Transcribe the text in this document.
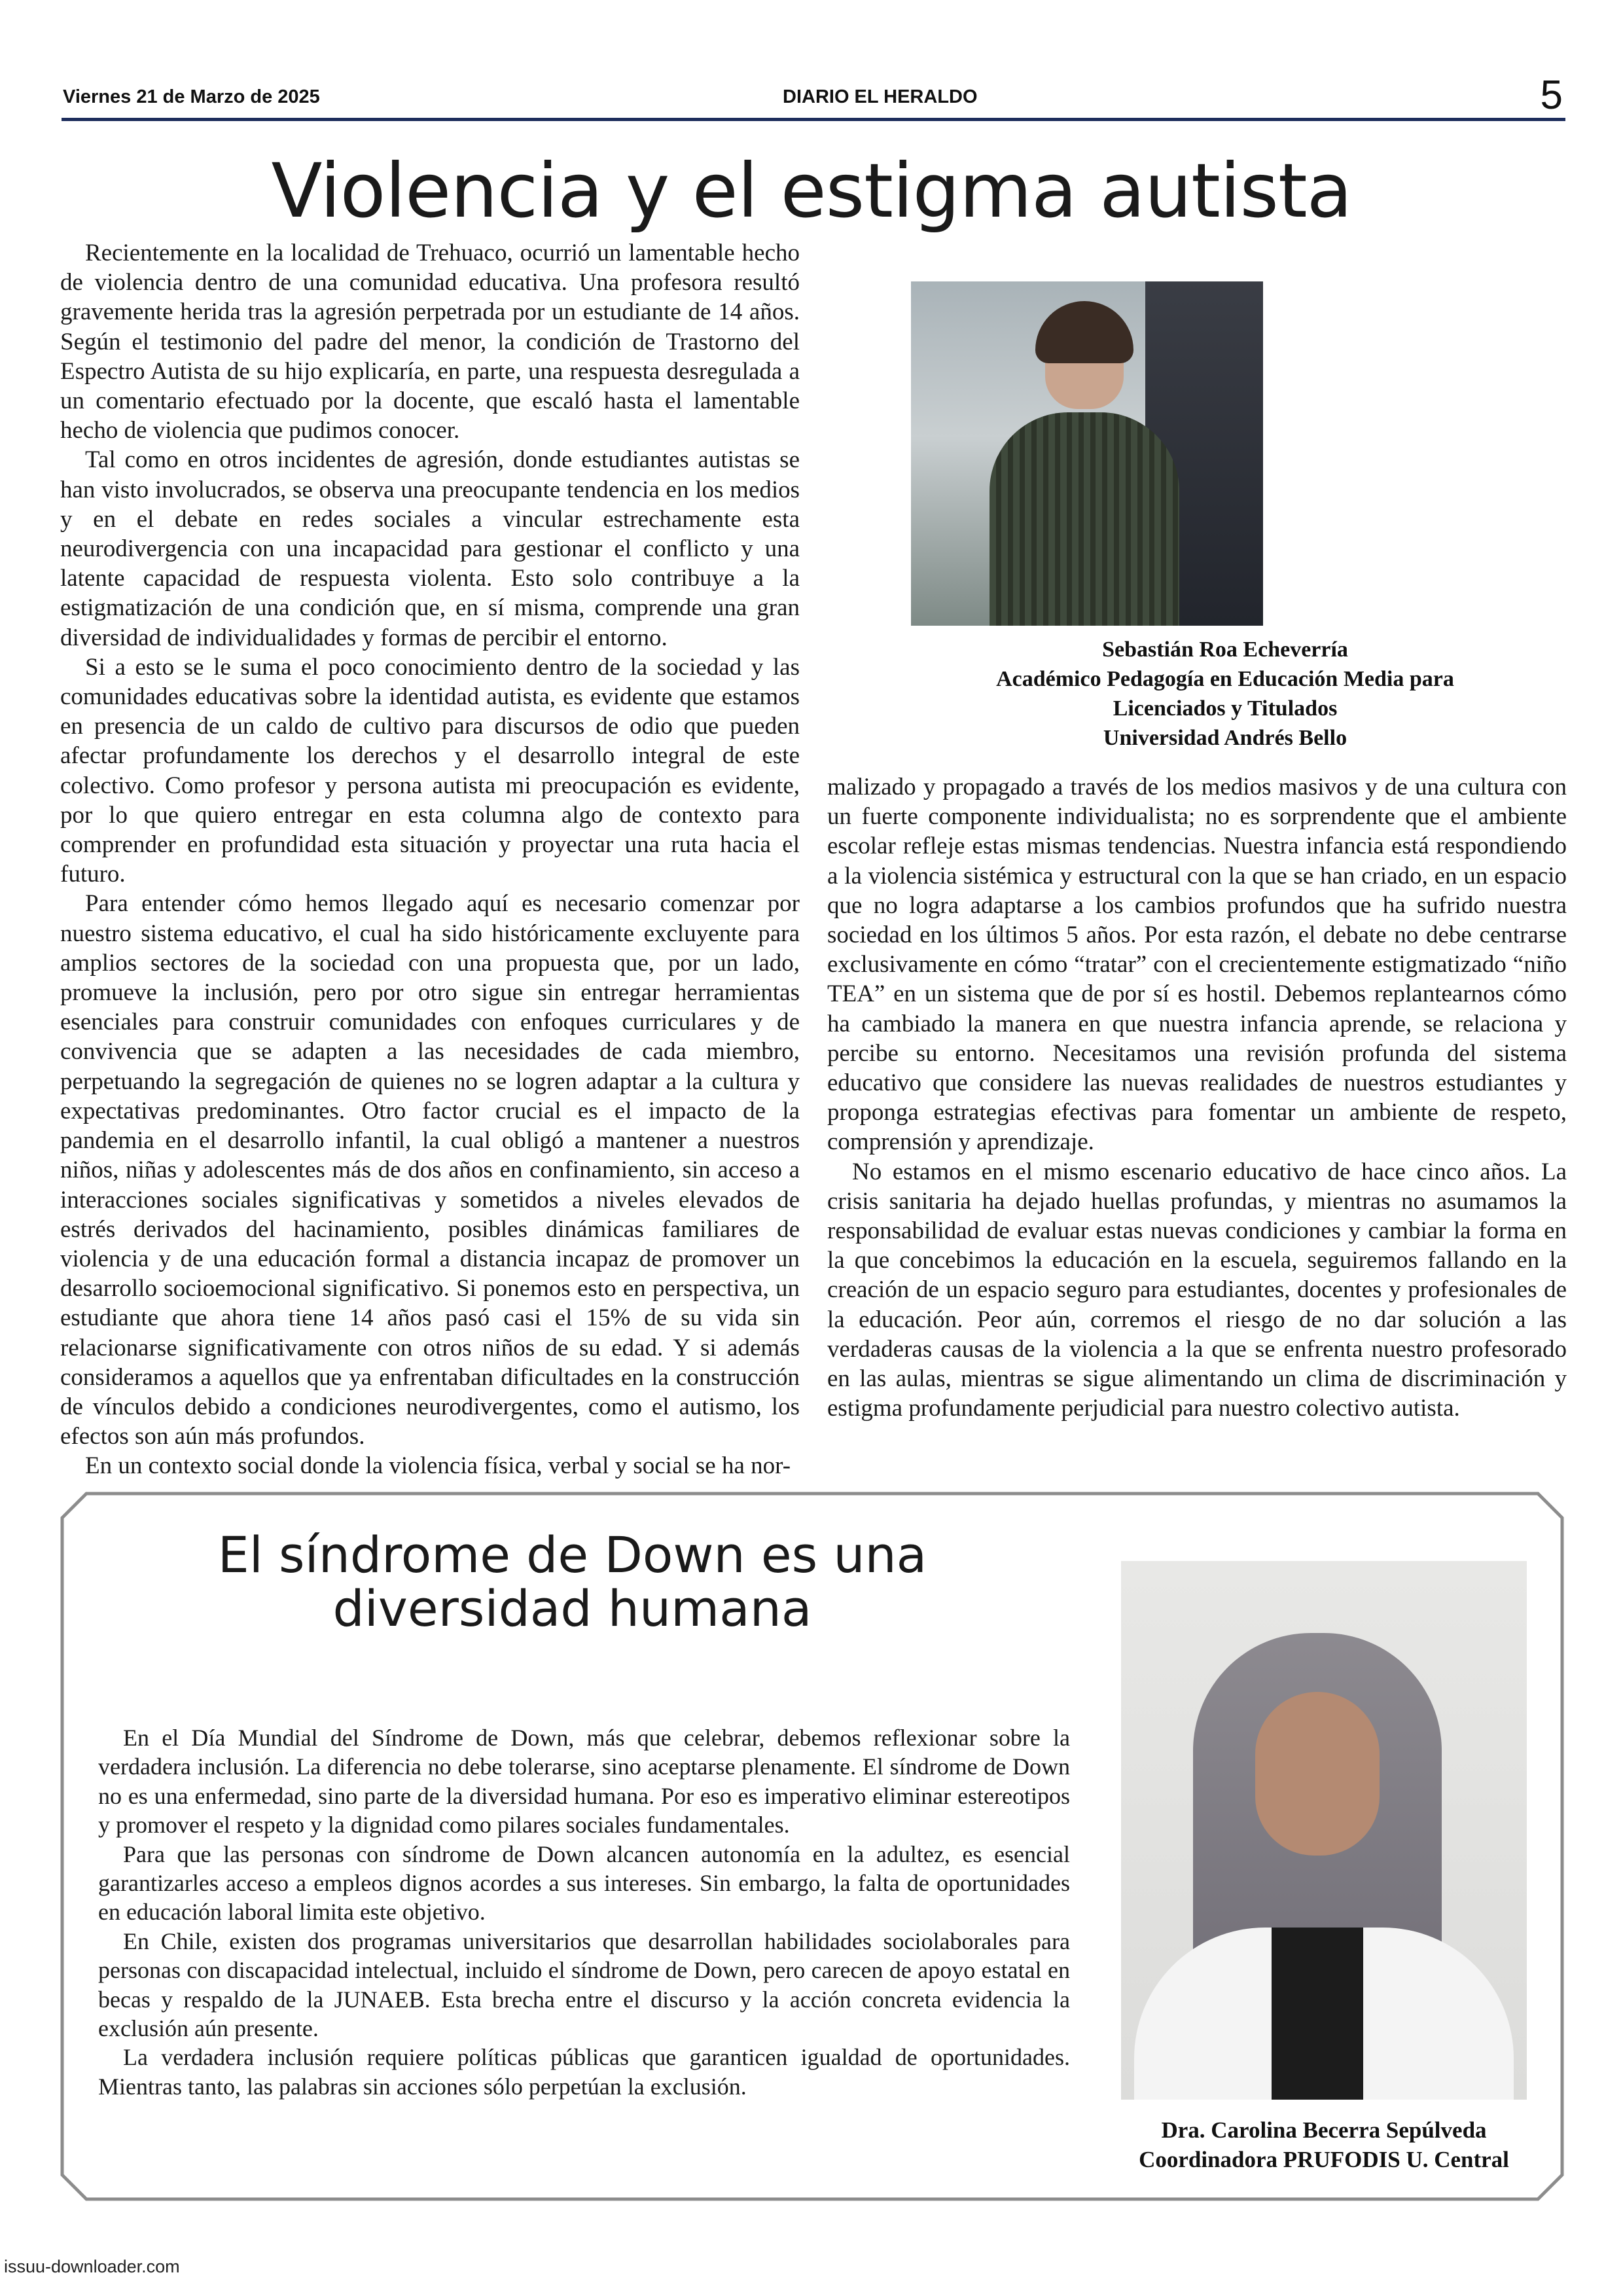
Viernes 21 de Marzo de 2025	DIARIO EL HERALDO	5
Violencia y el estigma autista

Recientemente en la localidad de Trehuaco, ocurrió un lamentable hecho de violencia dentro de una comunidad educativa. Una profesora resultó gravemente herida tras la agresión perpetrada por un estudiante de 14 años. Según el testimonio del padre del menor, la condición de Trastorno del Espectro Autista de su hijo explicaría, en parte, una respuesta desregulada a un comentario efectuado por la docente, que escaló hasta el lamentable hecho de violencia que pudimos conocer.

Tal como en otros incidentes de agresión, donde estudiantes autistas se han visto involucrados, se observa una preocupante tendencia en los medios y en el debate en redes sociales a vincular estrechamente esta neurodivergencia con una incapacidad para gestionar el conflicto y una latente capacidad de respuesta violenta. Esto solo contribuye a la estigmatización de una condición que, en sí misma, comprende una gran diversidad de individualidades y formas de percibir el entorno.

Si a esto se le suma el poco conocimiento dentro de la sociedad y las comunidades educativas sobre la identidad autista, es evidente que estamos en presencia de un caldo de cultivo para discursos de odio que pueden afectar profundamente los derechos y el desarrollo integral de este colectivo. Como profesor y persona autista mi preocupación es evidente, por lo que quiero entregar en esta columna algo de contexto para comprender en profundidad esta situación y proyectar una ruta hacia el futuro.

Para entender cómo hemos llegado aquí es necesario comenzar por nuestro sistema educativo, el cual ha sido históricamente excluyente para amplios sectores de la sociedad con una propuesta que, por un lado, promueve la inclusión, pero por otro sigue sin entregar herramientas esenciales para construir comunidades con enfoques curriculares y de convivencia que se adapten a las necesidades de cada miembro, perpetuando la segregación de quienes no se logren adaptar a la cultura y expectativas predominantes. Otro factor crucial es el impacto de la pandemia en el desarrollo infantil, la cual obligó a mantener a nuestros niños, niñas y adolescentes más de dos años en confinamiento, sin acceso a interacciones sociales significativas y sometidos a niveles elevados de estrés derivados del hacinamiento, posibles dinámicas familiares de violencia y de una educación formal a distancia incapaz de promover un desarrollo socioemocional significativo. Si ponemos esto en perspectiva, un estudiante que ahora tiene 14 años pasó casi el 15% de su vida sin relacionarse significativamente con otros niños de su edad. Y si además consideramos a aquellos que ya enfrentaban dificultades en la construcción de vínculos debido a condiciones neurodivergentes, como el autismo, los efectos son aún más profundos.

En un contexto social donde la violencia física, verbal y social se ha nor-

Sebastián Roa Echeverría
Académico Pedagogía en Educación Media para
Licenciados y Titulados
Universidad Andrés Bello

malizado y propagado a través de los medios masivos y de una cultura con un fuerte componente individualista; no es sorprendente que el ambiente escolar refleje estas mismas tendencias. Nuestra infancia está respondiendo a la violencia sistémica y estructural con la que se han criado, en un espacio que no logra adaptarse a los cambios profundos que ha sufrido nuestra sociedad en los últimos 5 años. Por esta razón, el debate no debe centrarse exclusivamente en cómo “tratar” con el crecientemente estigmatizado “niño TEA” en un sistema que de por sí es hostil. Debemos replantearnos cómo ha cambiado la manera en que nuestra infancia aprende, se relaciona y percibe su entorno. Necesitamos una revisión profunda del sistema educativo que considere las nuevas realidades de nuestros estudiantes y proponga estrategias efectivas para fomentar un ambiente de respeto, comprensión y aprendizaje.

No estamos en el mismo escenario educativo de hace cinco años. La crisis sanitaria ha dejado huellas profundas, y mientras no asumamos la responsabilidad de evaluar estas nuevas condiciones y cambiar la forma en la que concebimos la educación en la escuela, seguiremos fallando en la creación de un espacio seguro para estudiantes, docentes y profesionales de la educación. Peor aún, corremos el riesgo de no dar solución a las verdaderas causas de la violencia a la que se enfrenta nuestro profesorado en las aulas, mientras se sigue alimentando un clima de discriminación y estigma profundamente perjudicial para nuestro colectivo autista.

El síndrome de Down es una
diversidad humana

En el Día Mundial del Síndrome de Down, más que celebrar, debemos reflexionar sobre la verdadera inclusión. La diferencia no debe tolerarse, sino aceptarse plenamente. El síndrome de Down no es una enfermedad, sino parte de la diversidad humana. Por eso es imperativo eliminar estereotipos y promover el respeto y la dignidad como pilares sociales fundamentales.

Para que las personas con síndrome de Down alcancen autonomía en la adultez, es esencial garantizarles acceso a empleos dignos acordes a sus intereses. Sin embargo, la falta de oportunidades en educación laboral limita este objetivo.

En Chile, existen dos programas universitarios que desarrollan habilidades sociolaborales para personas con discapacidad intelectual, incluido el síndrome de Down, pero carecen de apoyo estatal en becas y respaldo de la JUNAEB. Esta brecha entre el discurso y la acción concreta evidencia la exclusión aún presente.

La verdadera inclusión requiere políticas públicas que garanticen igualdad de oportunidades. Mientras tanto, las palabras sin acciones sólo perpetúan la exclusión.

Dra. Carolina Becerra Sepúlveda
Coordinadora PRUFODIS U. Central
issuu-downloader.com
